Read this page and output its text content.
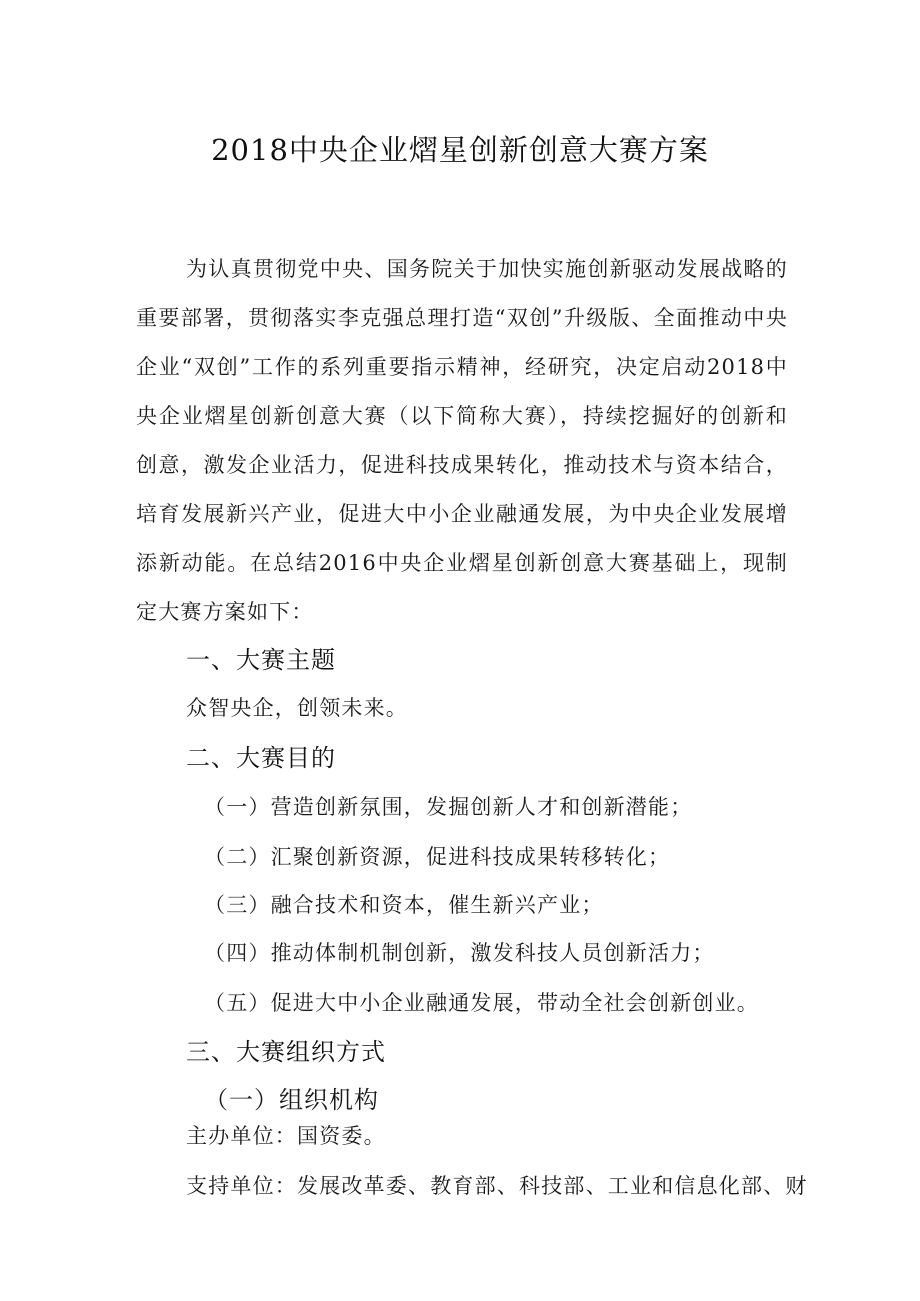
2018中央企业熠星创新创意大赛方案
为认真贯彻党中央、国务院关于加快实施创新驱动发展战略的重要部署，贯彻落实李克强总理打造“双创”升级版、全面推动中央企业“双创”工作的系列重要指示精神，经研究，决定启动2018中央企业熠星创新创意大赛（以下简称大赛），持续挖掘好的创新和创意，激发企业活力，促进科技成果转化，推动技术与资本结合，培育发展新兴产业，促进大中小企业融通发展，为中央企业发展增添新动能。在总结2016中央企业熠星创新创意大赛基础上，现制定大赛方案如下：
一、大赛主题
众智央企，创领未来。
二、大赛目的
（一）营造创新氛围，发掘创新人才和创新潜能；
（二）汇聚创新资源，促进科技成果转移转化；
（三）融合技术和资本，催生新兴产业；
（四）推动体制机制创新，激发科技人员创新活力；
（五）促进大中小企业融通发展，带动全社会创新创业。
三、大赛组织方式
（一）组织机构
主办单位：国资委。
支持单位：发展改革委、教育部、科技部、工业和信息化部、财
